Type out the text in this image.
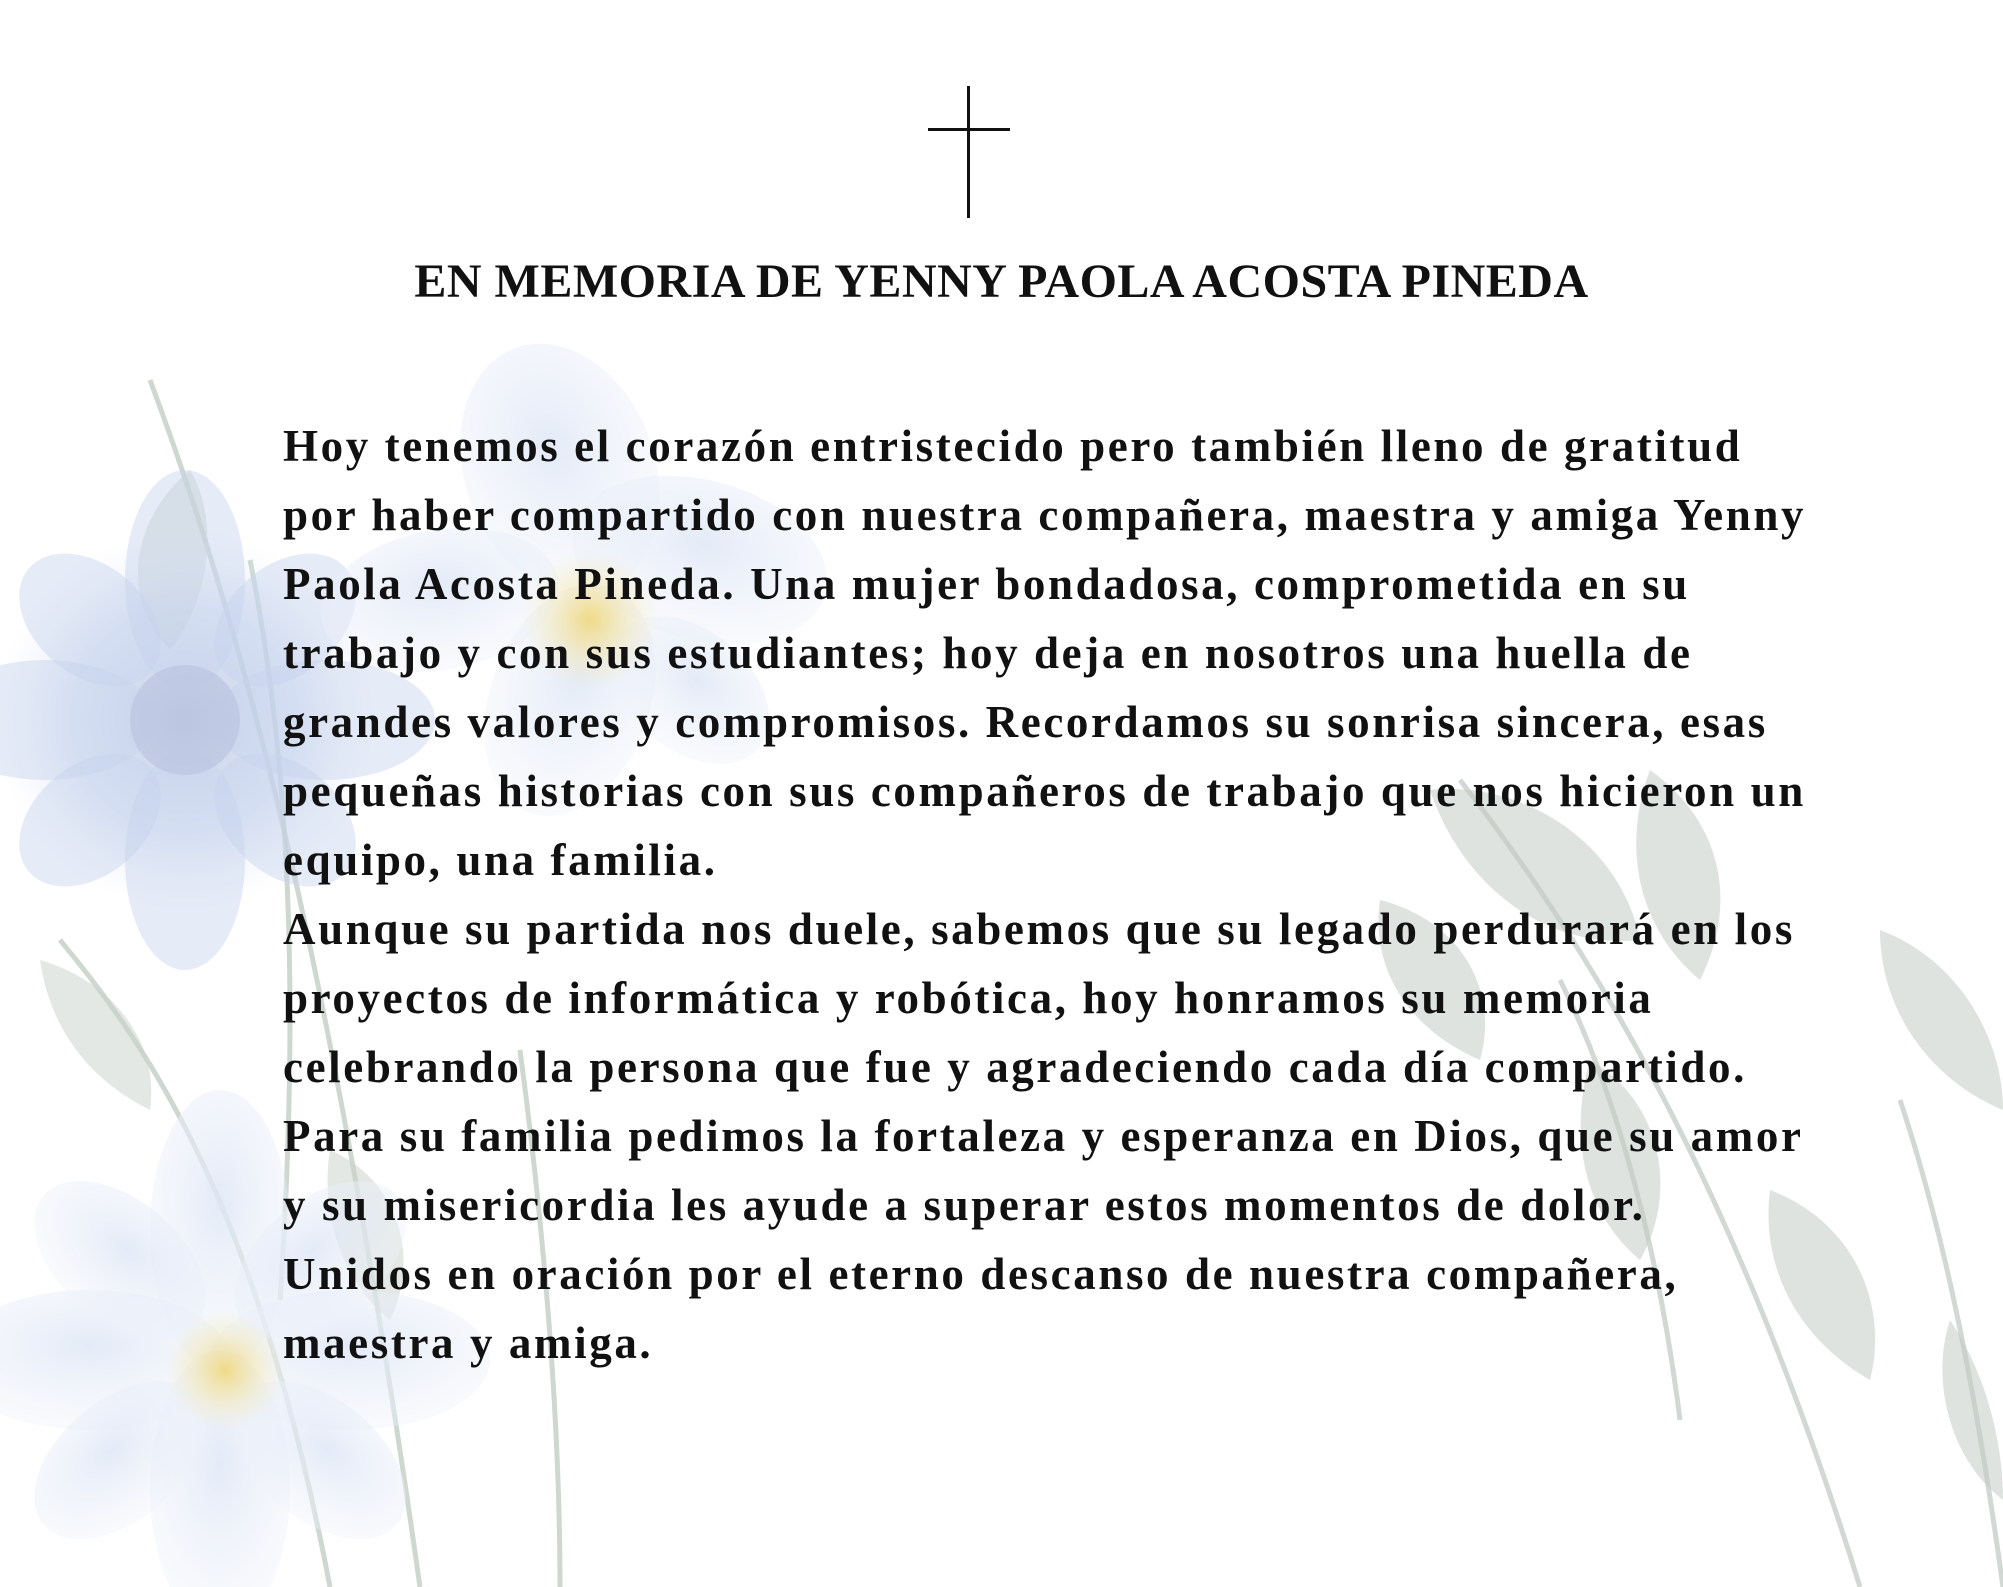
EN MEMORIA DE YENNY PAOLA ACOSTA PINEDA
Hoy tenemos el corazón entristecido pero también lleno de gratitud
por haber compartido con nuestra compañera, maestra y amiga Yenny
Paola Acosta Pineda. Una mujer bondadosa, comprometida en su
trabajo y con sus estudiantes; hoy deja en nosotros una huella de
grandes valores y compromisos. Recordamos su sonrisa sincera, esas
pequeñas historias con sus compañeros de trabajo que nos hicieron un
equipo, una familia.
Aunque su partida nos duele, sabemos que su legado perdurará en los
proyectos de informática y robótica, hoy honramos su memoria
celebrando la persona que fue y agradeciendo cada día compartido.
Para su familia pedimos la fortaleza y esperanza en Dios, que su amor
y su misericordia les ayude a superar estos momentos de dolor.
Unidos en oración por el eterno descanso de nuestra compañera,
maestra y amiga.
